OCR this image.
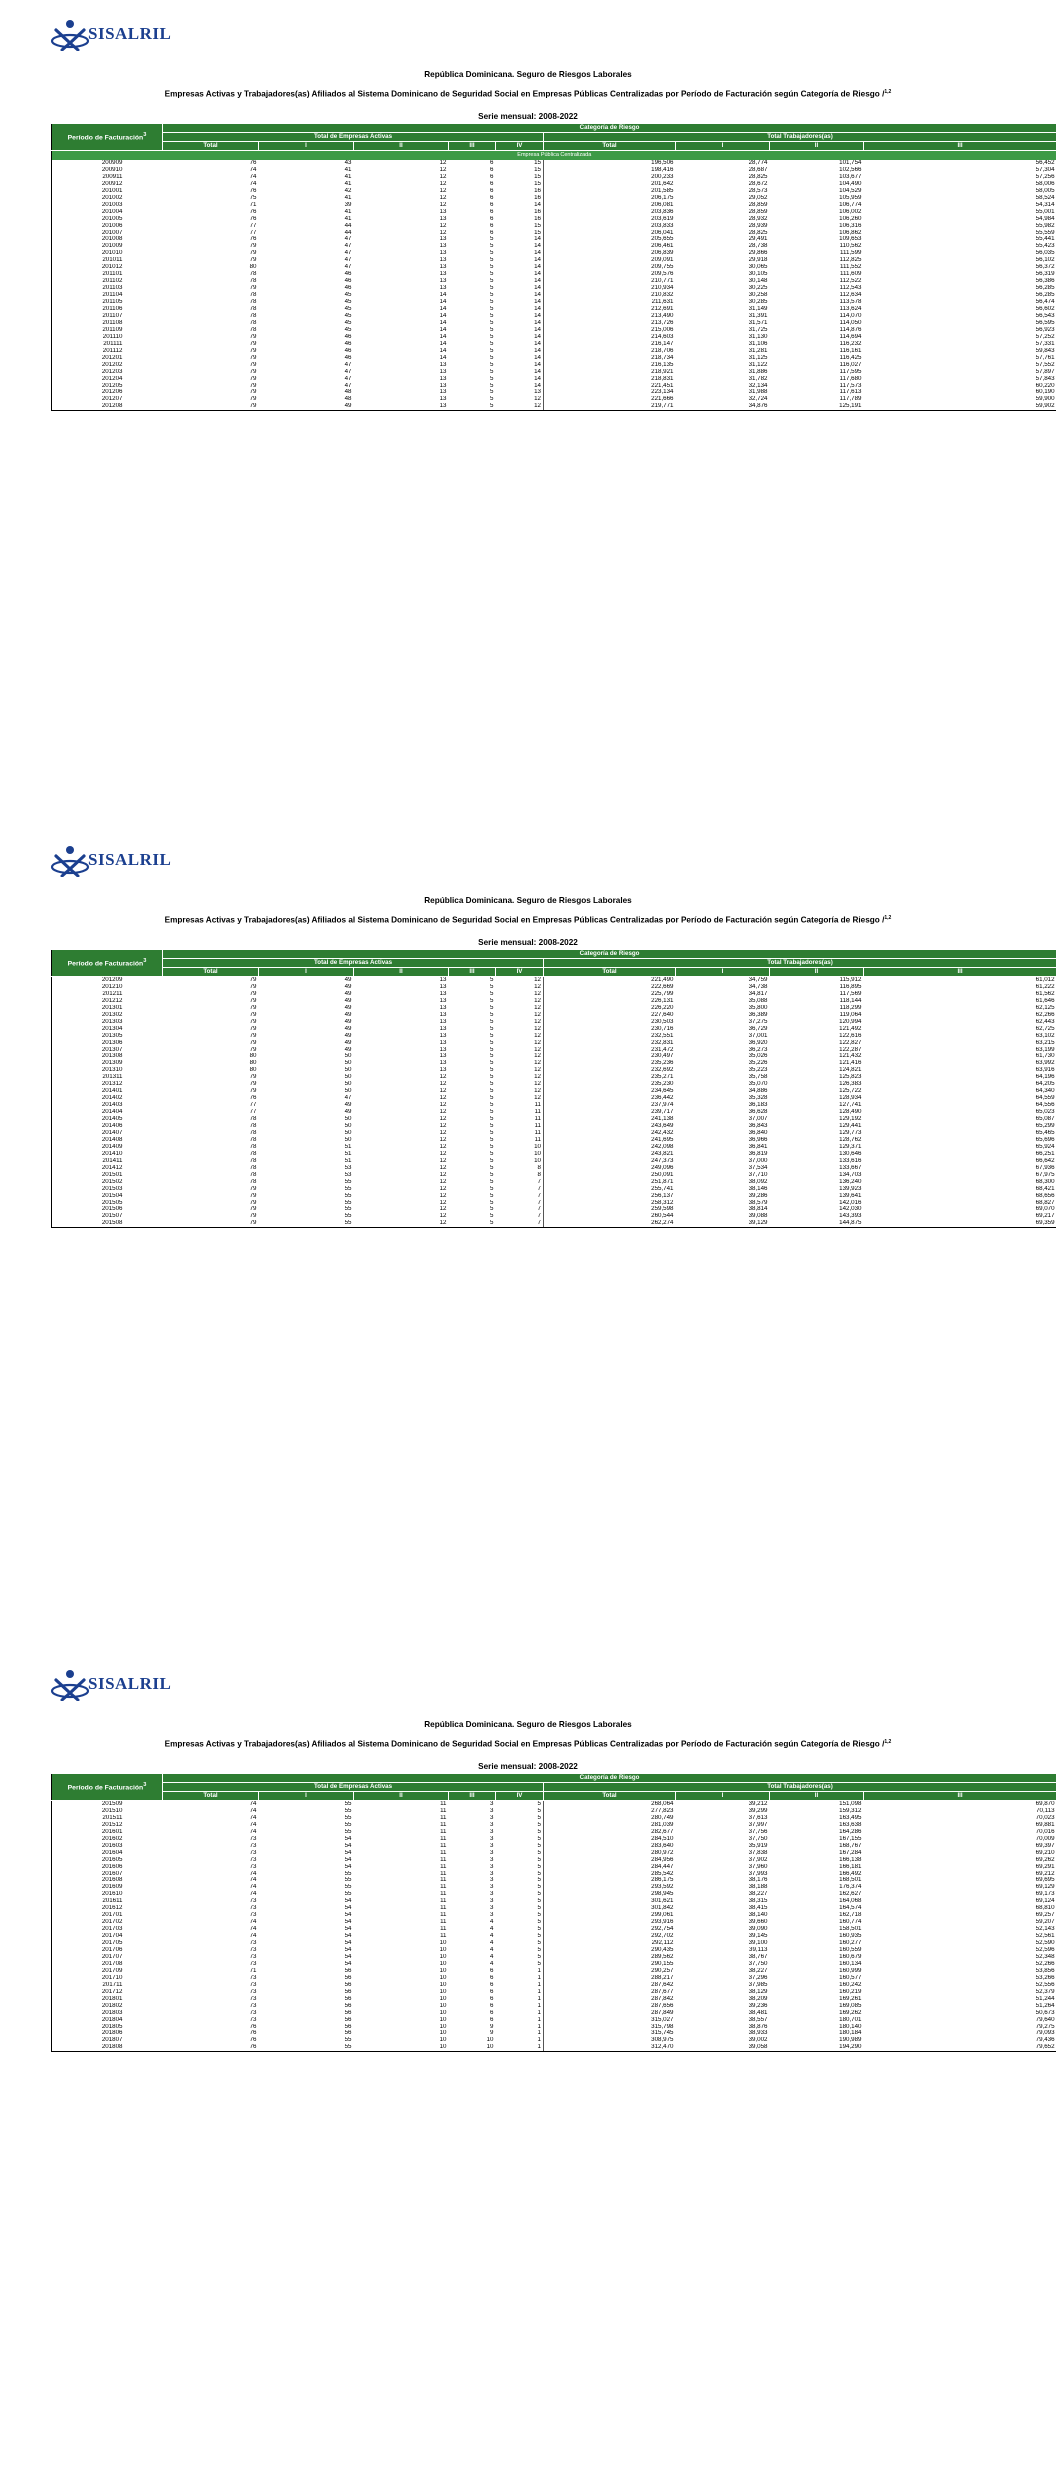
SISALRIL
República Dominicana. Seguro de Riesgos Laborales
Empresas Activas y Trabajadores(as) Afiliados al Sistema Dominicano de Seguridad Social en Empresas Públicas Centralizadas por Período de Facturación según Categoría de Riesgo /$^{1,2}$
Serie mensual: 2008-2022
Período de Facturación$^3$	Categoría de Riesgo								
	Total de Empresas Activas					Total Trabajadores(as)			
	Total	I	II	III	IV	Total	I	II	III
Empresa Pública Centralizada									
200909	76	43	12	6	15	196,506	28,774	101,754	56,452
200910	74	41	12	6	15	198,416	28,687	102,566	57,304
200911	74	41	12	6	15	200,233	28,825	103,677	57,256
200912	74	41	12	6	15	201,642	28,672	104,490	58,006
201001	76	42	12	6	16	201,585	28,573	104,529	58,005
201002	75	41	12	6	16	206,175	29,052	105,959	58,524
201003	71	39	12	6	14	206,081	28,859	106,774	54,314
201004	76	41	13	6	16	203,836	28,859	106,002	55,001
201005	76	41	13	6	16	203,619	28,932	106,260	54,984
201006	77	44	12	6	15	203,833	28,939	106,316	55,982
201007	77	44	12	6	15	206,041	28,825	106,862	55,559
201008	76	47	13	5	14	205,655	29,491	109,653	55,441
201009	79	47	13	5	14	206,461	28,738	110,562	55,423
201010	79	47	13	5	14	206,839	29,866	111,599	56,035
201011	79	47	13	5	14	209,091	29,918	112,825	56,102
201012	80	47	13	5	14	209,755	30,065	111,552	56,372
201101	78	46	13	5	14	209,576	30,105	111,609	56,319
201102	78	46	13	5	14	210,771	30,148	112,522	56,386
201103	79	46	13	5	14	210,934	30,225	112,543	56,285
201104	78	45	14	5	14	210,832	30,258	112,634	56,285
201105	78	45	14	5	14	211,631	30,285	113,578	56,474
201106	78	45	14	5	14	212,691	31,149	113,624	56,602
201107	78	45	14	5	14	213,490	31,391	114,070	56,543
201108	78	45	14	5	14	213,726	31,571	114,050	56,595
201109	78	45	14	5	14	215,006	31,725	114,876	56,923
201110	79	46	14	5	14	214,603	31,130	114,694	57,252
201111	79	46	14	5	14	216,147	31,106	116,232	57,331
201112	79	46	14	5	14	218,706	31,281	116,161	59,843
201201	79	46	14	5	14	218,734	31,125	116,425	57,761
201202	79	47	13	5	14	216,135	31,122	116,027	57,552
201203	79	47	13	5	14	218,921	31,886	117,595	57,897
201204	79	47	13	5	14	218,831	31,782	117,680	57,843
201205	79	47	13	5	14	221,451	32,134	117,573	60,220
201206	79	48	13	5	13	223,134	31,988	117,613	60,190
201207	79	48	13	5	12	221,666	32,724	117,789	59,900
201208	79	49	13	5	12	219,771	34,876	125,191	59,902
SISALRIL
República Dominicana. Seguro de Riesgos Laborales
Empresas Activas y Trabajadores(as) Afiliados al Sistema Dominicano de Seguridad Social en Empresas Públicas Centralizadas por Período de Facturación según Categoría de Riesgo /$^{1,2}$
Serie mensual: 2008-2022
Período de Facturación$^3$	Categoría de Riesgo								
	Total de Empresas Activas					Total Trabajadores(as)			
	Total	I	II	III	IV	Total	I	II	III
201209	79	49	13	5	12	221,490	34,759	115,912	61,012
201210	79	49	13	5	12	222,669	34,738	116,895	61,222
201211	79	49	13	5	12	225,799	34,817	117,569	61,562
201212	79	49	13	5	12	226,131	35,088	118,144	61,646
201301	79	49	13	5	12	226,220	35,800	118,299	62,125
201302	79	49	13	5	12	227,640	36,389	119,064	62,266
201303	79	49	13	5	12	230,503	37,275	120,994	62,443
201304	79	49	13	5	12	230,716	36,729	121,492	62,725
201305	79	49	13	5	12	232,551	37,001	122,616	63,102
201306	79	49	13	5	12	232,831	36,920	122,827	63,215
201307	79	49	13	5	12	231,472	36,273	122,287	63,199
201308	80	50	13	5	12	230,497	35,026	121,432	61,730
201309	80	50	13	5	12	235,236	35,226	121,416	63,992
201310	80	50	13	5	12	232,692	35,223	124,821	63,916
201311	79	50	12	5	12	235,271	35,758	125,823	64,196
201312	79	50	12	5	12	235,230	35,070	126,383	64,205
201401	79	50	12	5	12	234,645	34,886	125,722	64,340
201402	76	47	12	5	12	236,442	35,328	128,934	64,559
201403	77	49	12	5	11	237,974	36,183	127,741	64,556
201404	77	49	12	5	11	239,717	36,628	128,490	65,023
201405	78	50	12	5	11	241,138	37,007	129,192	65,087
201406	78	50	12	5	11	243,649	36,843	129,441	65,299
201407	78	50	12	5	11	242,432	36,840	129,773	65,465
201408	78	50	12	5	11	241,695	36,966	128,762	65,696
201409	78	51	12	5	10	242,098	36,841	129,371	65,924
201410	78	51	12	5	10	243,821	36,819	130,646	66,251
201411	78	51	12	5	10	247,373	37,000	133,616	66,642
201412	78	53	12	5	8	249,096	37,534	133,667	67,936
201501	78	53	12	5	8	250,091	37,710	134,703	67,975
201502	78	55	12	5	7	251,871	38,092	136,240	68,300
201503	79	55	12	5	7	255,741	38,146	139,923	68,421
201504	79	55	12	5	7	256,137	39,286	139,641	68,656
201505	79	55	12	5	7	258,312	38,579	142,016	68,827
201506	79	55	12	5	7	259,598	38,814	142,030	69,070
201507	79	55	12	5	7	260,544	39,088	143,393	69,217
201508	79	55	12	5	7	262,274	39,129	144,875	69,359
SISALRIL
República Dominicana. Seguro de Riesgos Laborales
Empresas Activas y Trabajadores(as) Afiliados al Sistema Dominicano de Seguridad Social en Empresas Públicas Centralizadas por Período de Facturación según Categoría de Riesgo /$^{1,2}$
Serie mensual: 2008-2022
Período de Facturación$^3$	Categoría de Riesgo								
	Total de Empresas Activas					Total Trabajadores(as)			
	Total	I	II	III	IV	Total	I	II	III
201509	74	55	11	3	5	268,064	39,212	151,098	69,870
201510	74	55	11	3	5	277,823	39,299	159,312	70,113
201511	74	55	11	3	5	280,749	37,613	163,495	70,023
201512	74	55	11	3	5	281,039	37,997	163,638	69,881
201601	74	55	11	3	5	282,677	37,756	164,286	70,016
201602	73	54	11	3	5	284,510	37,750	167,155	70,009
201603	73	54	11	3	5	283,640	35,919	168,767	69,397
201604	73	54	11	3	5	280,972	37,838	167,284	69,210
201605	73	54	11	3	5	284,956	37,902	166,138	69,262
201606	73	54	11	3	5	284,447	37,960	166,181	69,291
201607	74	55	11	3	5	285,542	37,993	166,492	69,212
201608	74	55	11	3	5	286,175	38,176	168,501	69,695
201609	74	55	11	3	5	293,592	38,188	176,374	69,129
201610	74	55	11	3	5	298,945	38,227	162,627	69,173
201611	73	54	11	3	5	301,621	38,315	164,068	69,124
201612	73	54	11	3	5	301,842	38,415	164,574	68,810
201701	73	54	11	3	5	299,061	38,140	162,718	69,257
201702	74	54	11	4	5	293,916	39,660	160,774	59,207
201703	74	54	11	4	5	292,754	39,090	158,501	52,143
201704	74	54	11	4	5	292,702	39,145	160,935	52,561
201705	73	54	10	4	5	292,112	39,100	160,277	52,590
201706	73	54	10	4	5	290,435	39,113	160,559	52,596
201707	73	54	10	4	5	289,562	38,767	160,679	52,348
201708	73	54	10	4	5	290,155	37,750	160,134	52,266
201709	71	56	10	6	1	290,257	38,227	160,999	53,856
201710	73	56	10	6	1	288,217	37,296	160,577	53,266
201711	73	56	10	6	1	287,642	37,985	160,242	52,556
201712	73	56	10	6	1	287,677	38,129	160,219	52,379
201801	73	56	10	6	1	287,842	38,209	169,261	51,244
201802	73	56	10	6	1	287,656	39,236	169,085	51,264
201803	73	56	10	6	1	287,849	38,481	169,262	50,673
201804	73	56	10	6	1	315,027	38,557	180,701	79,640
201805	76	56	10	9	1	315,798	38,876	180,140	79,275
201806	76	56	10	9	1	315,745	38,933	180,184	79,093
201807	76	55	10	10	1	308,975	39,002	190,989	79,436
201808	76	55	10	10	1	312,470	39,058	194,290	79,652
